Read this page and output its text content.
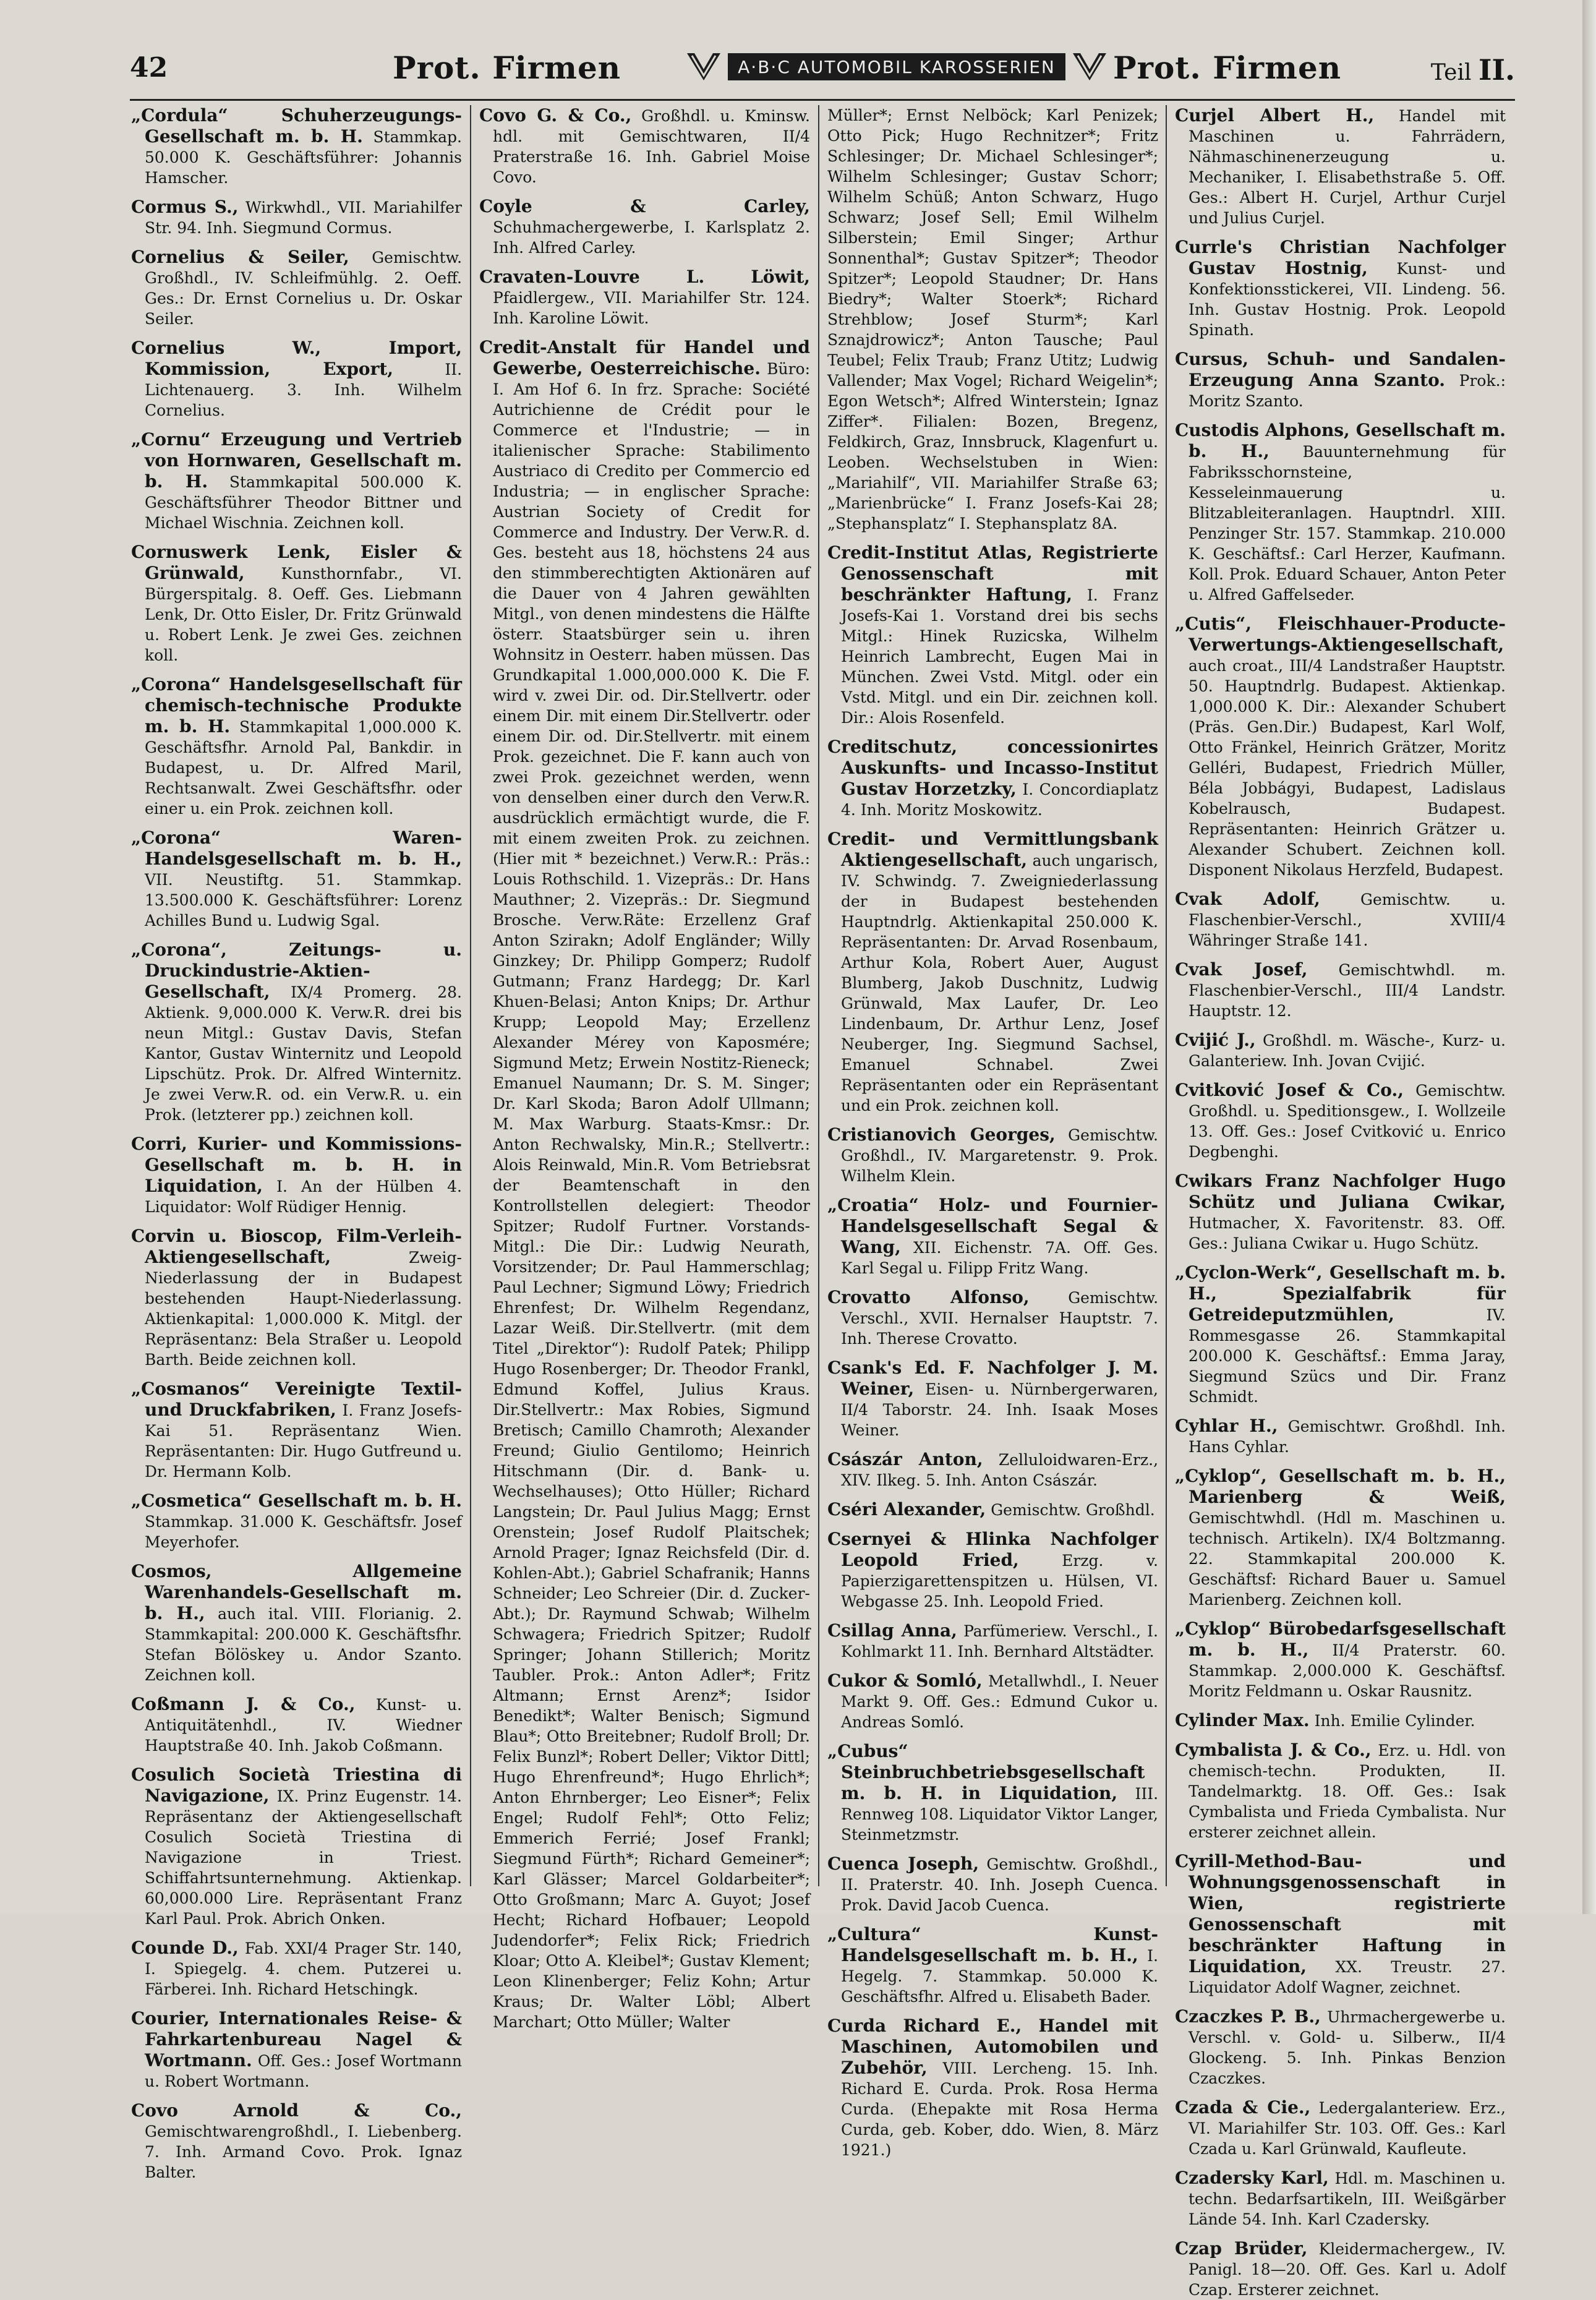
42	Prot. Firmen	A·B·C AUTOMOBIL KAROSSERIEN	Prot. Firmen	Teil II.

„Cordula“ Schuherzeugungs-Gesellschaft m. b. H. Stammkap. 50.000 K. Geschäftsführer: Johannis Hamscher.

Cormus S., Wirkwhdl., VII. Mariahilfer Str. 94. Inh. Siegmund Cormus.

Cornelius & Seiler, Gemischtw. Großhdl., IV. Schleifmühlg. 2. Oeff. Ges.: Dr. Ernst Cornelius u. Dr. Oskar Seiler.

Cornelius W., Import, Kommission, Export,	II. Lichtenauerg. 3. Inh. Wilhelm Cornelius.

„Cornu“ Erzeugung und Vertrieb von Hornwaren, Gesellschaft m. b. H. Stammkapital 500.000 K. Geschäftsführer Theodor Bittner und Michael Wischnia. Zeichnen koll.

Cornuswerk Lenk, Eisler & Grünwald, Kunsthornfabr., VI. Bürgerspitalg. 8. Oeff. Ges. Liebmann Lenk, Dr. Otto Eisler, Dr. Fritz Grünwald u. Robert Lenk. Je zwei Ges. zeichnen koll.

„Corona“ Handelsgesellschaft für chemisch-technische Produkte m. b. H. Stammkapital 1,000.000 K. Geschäftsfhr. Arnold Pal, Bankdir. in Budapest, u. Dr. Alfred Maril, Rechtsanwalt. Zwei Geschäftsfhr. oder einer u. ein Prok. zeichnen koll.

„Corona“ Waren-Handelsgesellschaft m. b. H., VII. Neustiftg. 51. Stammkap. 13.500.000 K. Geschäftsführer: Lorenz Achilles Bund u. Ludwig Sgal.

„Corona“, Zeitungs- u. Druckindustrie-Aktien-Gesellschaft, IX/4 Promerg. 28. Aktienk. 9,000.000 K. Verw.R. drei bis neun Mitgl.: Gustav Davis, Stefan Kantor, Gustav Winternitz und Leopold Lipschütz. Prok. Dr. Alfred Winternitz. Je zwei Verw.R. od. ein Verw.R. u. ein Prok. (letzterer pp.) zeichnen koll.

Corri, Kurier- und Kommissions-Gesellschaft m. b. H. in Liquidation, I. An der Hülben 4. Liquidator: Wolf Rüdiger Hennig.

Corvin u. Bioscop, Film-Verleih-Aktiengesellschaft,	Zweig-Niederlassung der in Budapest bestehenden Haupt-Niederlassung. Aktienkapital: 1,000.000 K. Mitgl. der Repräsentanz: Bela Straßer u. Leopold Barth. Beide zeichnen koll.

„Cosmanos“ Vereinigte Textil- und Druckfabriken, I. Franz Josefs-Kai 51. Repräsentanz Wien. Repräsentanten: Dir. Hugo Gutfreund u. Dr. Hermann Kolb.

„Cosmetica“ Gesellschaft m. b. H. Stammkap. 31.000 K. Geschäftsfr. Josef Meyerhofer.

Cosmos, Allgemeine Warenhandels-Gesellschaft m. b. H., auch ital. VIII. Florianig. 2. Stammkapital: 200.000 K. Geschäftsfhr. Stefan Bölöskey u. Andor Szanto. Zeichnen koll.

Coßmann J. & Co., Kunst- u. Antiquitätenhdl., IV. Wiedner Hauptstraße 40. Inh. Jakob Coßmann.

Cosulich Società Triestina di Navigazione, IX. Prinz Eugenstr. 14. Repräsentanz der Aktiengesellschaft Cosulich Società Triestina di Navigazione in Triest. Schiffahrtsunternehmung. Aktienkap. 60,000.000 Lire. Repräsentant Franz Karl Paul. Prok. Abrich Onken.

Counde D., Fab. XXI/4 Prager Str. 140, I. Spiegelg. 4. chem. Putzerei u. Färberei. Inh. Richard Hetschingk.

Courier, Internationales Reise- & Fahrkartenbureau Nagel & Wortmann. Off. Ges.: Josef Wortmann u. Robert Wortmann.

Covo Arnold & Co., Gemischtwarengroßhdl., I. Liebenberg. 7. Inh. Armand Covo. Prok. Ignaz Balter.

Covo G. & Co., Großhdl. u. Kminsw. hdl. mit Gemischtwaren, II/4 Praterstraße 16. Inh. Gabriel Moise Covo.

Coyle & Carley, Schuhmachergewerbe, I. Karlsplatz 2. Inh. Alfred Carley.

Cravaten-Louvre L. Löwit, Pfaidlergew., VII. Mariahilfer Str. 124. Inh. Karoline Löwit.

Credit-Anstalt für Handel und Gewerbe, Oesterreichische. Büro: I. Am Hof 6. In frz. Sprache: Société Autrichienne de Crédit pour le Commerce et l'Industrie; — in italienischer Sprache: Stabilimento Austriaco di Credito per Commercio ed Industria; — in englischer Sprache: Austrian Society of Credit for Commerce and Industry. Der Verw.R. d. Ges. besteht aus 18, höchstens 24 aus den stimmberechtigten Aktionären auf die Dauer von 4 Jahren gewählten Mitgl., von denen mindestens die Hälfte österr. Staatsbürger sein u. ihren Wohnsitz in Oesterr. haben müssen. Das Grundkapital 1.000,000.000 K. Die F. wird v. zwei Dir. od. Dir.Stellvertr. oder einem Dir. mit einem Dir.Stellvertr. oder einem Dir. od. Dir.Stellvertr. mit einem Prok. gezeichnet. Die F. kann auch von zwei Prok. gezeichnet werden, wenn von denselben einer durch den Verw.R. ausdrücklich ermächtigt wurde, die F. mit einem zweiten Prok. zu zeichnen. (Hier mit * bezeichnet.) Verw.R.: Präs.: Louis Rothschild. 1. Vizepräs.: Dr. Hans Mauthner; 2. Vizepräs.: Dr. Siegmund Brosche. Verw.Räte: Erzellenz Graf Anton Szirakn; Adolf Engländer; Willy Ginzkey; Dr. Philipp Gomperz; Rudolf Gutmann; Franz Hardegg; Dr. Karl Khuen-Belasi; Anton Knips; Dr. Arthur Krupp; Leopold May; Erzellenz Alexander Mérey von Kaposmére; Sigmund Metz; Erwein Nostitz-Rieneck; Emanuel Naumann; Dr. S. M. Singer; Dr. Karl Skoda; Baron Adolf Ullmann; M. Max Warburg. Staats-Kmsr.: Dr. Anton Rechwalsky, Min.R.; Stellvertr.: Alois Reinwald, Min.R. Vom Betriebsrat der Beamtenschaft in den Kontrollstellen delegiert: Theodor Spitzer; Rudolf Furtner. Vorstands-Mitgl.: Die Dir.: Ludwig Neurath, Vorsitzender; Dr. Paul Hammerschlag; Paul Lechner; Sigmund Löwy; Friedrich Ehrenfest; Dr. Wilhelm Regendanz, Lazar Weiß. Dir.Stellvertr. (mit dem Titel „Direktor“): Rudolf Patek; Philipp Hugo Rosenberger; Dr. Theodor Frankl, Edmund Koffel, Julius Kraus. Dir.Stellvertr.: Max Robies, Sigmund Bretisch; Camillo Chamroth; Alexander Freund; Giulio Gentilomo; Heinrich Hitschmann (Dir. d. Bank- u. Wechselhauses); Otto Hüller; Richard Langstein; Dr. Paul Julius Magg; Ernst Orenstein; Josef Rudolf Plaitschek; Arnold Prager; Ignaz Reichsfeld (Dir. d. Kohlen-Abt.); Gabriel Schafranik; Hanns Schneider; Leo Schreier (Dir. d. Zucker-Abt.); Dr. Raymund Schwab; Wilhelm Schwagera; Friedrich Spitzer; Rudolf Springer; Johann Stillerich; Moritz Taubler. Prok.: Anton Adler*; Fritz Altmann; Ernst Arenz*; Isidor Benedikt*; Walter Benisch; Sigmund Blau*; Otto Breitebner; Rudolf Broll; Dr. Felix Bunzl*; Robert Deller; Viktor Dittl; Hugo Ehrenfreund*; Hugo Ehrlich*; Anton Ehrnberger; Leo Eisner*; Felix Engel; Rudolf Fehl*; Otto Feliz; Emmerich Ferrié; Josef Frankl; Siegmund Fürth*; Richard Gemeiner*; Karl Glässer; Marcel Goldarbeiter*; Otto Großmann; Marc A. Guyot; Josef Hecht; Richard Hofbauer; Leopold Judendorfer*; Felix Rick; Friedrich Kloar; Otto A. Kleibel*; Gustav Klement; Leon Klinenberger; Feliz Kohn; Artur Kraus; Dr. Walter Löbl; Albert Marchart; Otto Müller; Walter

Müller*; Ernst Nelböck; Karl Penizek; Otto Pick; Hugo Rechnitzer*; Fritz Schlesinger; Dr. Michael Schlesinger*; Wilhelm Schlesinger; Gustav Schorr; Wilhelm Schüß; Anton Schwarz, Hugo Schwarz; Josef Sell; Emil Wilhelm Silberstein; Emil Singer; Arthur Sonnenthal*; Gustav Spitzer*; Theodor Spitzer*; Leopold Staudner; Dr. Hans Biedry*; Walter Stoerk*; Richard Strehblow; Josef Sturm*; Karl Sznajdrowicz*; Anton Tausche; Paul Teubel; Felix Traub; Franz Utitz; Ludwig Vallender; Max Vogel; Richard Weigelin*; Egon Wetsch*; Alfred Winterstein; Ignaz Ziffer*. Filialen: Bozen, Bregenz, Feldkirch, Graz, Innsbruck, Klagenfurt u. Leoben. Wechselstuben in Wien: „Mariahilf“, VII. Mariahilfer Straße 63; „Marienbrücke“ I. Franz Josefs-Kai 28; „Stephansplatz“ I. Stephansplatz 8A.

Credit-Institut Atlas, Registrierte Genossenschaft mit beschränkter Haftung, I. Franz Josefs-Kai 1. Vorstand drei bis sechs Mitgl.: Hinek Ruzicska, Wilhelm Heinrich Lambrecht, Eugen Mai in München. Zwei Vstd. Mitgl. oder ein Vstd. Mitgl. und ein Dir. zeichnen koll. Dir.: Alois Rosenfeld.

Creditschutz, concessionirtes Auskunfts- und Incasso-Institut Gustav Horzetzky, I. Concordiaplatz 4. Inh. Moritz Moskowitz.

Credit- und Vermittlungsbank Aktiengesellschaft, auch ungarisch, IV. Schwindg. 7. Zweigniederlassung der in Budapest bestehenden Hauptndrlg. Aktienkapital 250.000 K. Repräsentanten: Dr. Arvad Rosenbaum, Arthur Kola, Robert Auer, August Blumberg, Jakob Duschnitz, Ludwig Grünwald, Max Laufer, Dr. Leo Lindenbaum, Dr. Arthur Lenz, Josef Neuberger, Ing. Siegmund Sachsel, Emanuel Schnabel. Zwei Repräsentanten oder ein Repräsentant und ein Prok. zeichnen koll.

Cristianovich Georges, Gemischtw. Großhdl., IV. Margaretenstr. 9. Prok. Wilhelm Klein.

„Croatia“ Holz- und Fournier-Handelsgesellschaft Segal & Wang, XII. Eichenstr. 7A. Off. Ges. Karl Segal u. Filipp Fritz Wang.

Crovatto Alfonso,	Gemischtw. Verschl., XVII. Hernalser Hauptstr. 7. Inh. Therese Crovatto.

Csank's Ed. F. Nachfolger J. M. Weiner, Eisen- u. Nürnbergerwaren, II/4 Taborstr. 24. Inh. Isaak Moses Weiner.

Császár Anton, Zelluloidwaren-Erz., XIV. Ilkeg. 5. Inh. Anton Császár.

Cséri Alexander, Gemischtw. Großhdl.

Csernyei & Hlinka Nachfolger Leopold Fried,	Erzg. v. Papierzigarettenspitzen u. Hülsen, VI. Webgasse 25. Inh. Leopold Fried.

Csillag Anna, Parfümeriew. Verschl., I. Kohlmarkt 11. Inh. Bernhard Altstädter.

Cukor & Somló, Metallwhdl., I. Neuer Markt 9. Off. Ges.: Edmund Cukor u. Andreas Somló.

„Cubus“ Steinbruchbetriebsgesellschaft m. b. H. in Liquidation, III. Rennweg 108. Liquidator Viktor Langer, Steinmetzmstr.

Cuenca Joseph, Gemischtw. Großhdl., II. Praterstr. 40. Inh. Joseph Cuenca. Prok. David Jacob Cuenca.

„Cultura“ Kunst-Handelsgesellschaft m. b. H., I. Hegelg. 7. Stammkap. 50.000 K. Geschäftsfhr. Alfred u. Elisabeth Bader.

Curda Richard E., Handel mit Maschinen, Automobilen und Zubehör, VIII. Lercheng. 15. Inh. Richard E. Curda. Prok. Rosa Herma Curda. (Ehepakte mit Rosa Herma Curda, geb. Kober, ddo. Wien, 8. März 1921.)

Curjel Albert H., Handel mit Maschinen u. Fahrrädern, Nähmaschinenerzeugung u. Mechaniker, I. Elisabethstraße 5. Off. Ges.: Albert H. Curjel, Arthur Curjel und Julius Curjel.

Currle's Christian Nachfolger Gustav Hostnig, Kunst- und Konfektionsstickerei, VII. Lindeng. 56. Inh. Gustav Hostnig. Prok. Leopold Spinath.

Cursus, Schuh- und Sandalen-Erzeugung Anna Szanto. Prok.: Moritz Szanto.

Custodis Alphons, Gesellschaft m. b. H., Bauunternehmung für Fabriksschornsteine, Kesseleinmauerung u. Blitzableiteranlagen. Hauptndrl. XIII. Penzinger Str. 157. Stammkap. 210.000 K. Geschäftsf.: Carl Herzer, Kaufmann. Koll. Prok. Eduard Schauer, Anton Peter u. Alfred Gaffelseder.

„Cutis“, Fleischhauer-Producte-Verwertungs-Aktiengesellschaft, auch croat., III/4 Landstraßer Hauptstr. 50. Hauptndrlg. Budapest. Aktienkap. 1,000.000 K. Dir.: Alexander Schubert (Präs. Gen.Dir.) Budapest, Karl Wolf, Otto Fränkel, Heinrich Grätzer, Moritz Gelléri, Budapest, Friedrich Müller, Béla Jobbágyi, Budapest, Ladislaus Kobelrausch, Budapest. Repräsentanten: Heinrich Grätzer u. Alexander Schubert. Zeichnen koll. Disponent Nikolaus Herzfeld, Budapest.

Cvak Adolf,	Gemischtw. u. Flaschenbier-Verschl., XVIII/4 Währinger Straße 141.

Cvak Josef, Gemischtwhdl. m. Flaschenbier-Verschl., III/4 Landstr. Hauptstr. 12.

Cvijić J., Großhdl. m. Wäsche-, Kurz- u. Galanteriew. Inh. Jovan Cvijić.

Cvitković Josef & Co., Gemischtw. Großhdl. u. Speditionsgew., I. Wollzeile 13. Off. Ges.: Josef Cvitković u. Enrico Degbenghi.

Cwikars Franz Nachfolger Hugo Schütz und Juliana Cwikar, Hutmacher, X. Favoritenstr. 83. Off. Ges.: Juliana Cwikar u. Hugo Schütz.

„Cyclon-Werk“, Gesellschaft m. b. H., Spezialfabrik für Getreideputzmühlen,	IV. Rommesgasse 26. Stammkapital 200.000 K. Geschäftsf.: Emma Jaray, Siegmund Szücs und Dir. Franz Schmidt.

Cyhlar H., Gemischtwr. Großhdl. Inh. Hans Cyhlar.

„Cyklop“, Gesellschaft m. b. H., Marienberg & Weiß, Gemischtwhdl. (Hdl m. Maschinen u. technisch. Artikeln). IX/4 Boltzmanng. 22. Stammkapital 200.000 K. Geschäftsf: Richard Bauer u. Samuel Marienberg. Zeichnen koll.

„Cyklop“ Bürobedarfsgesellschaft m. b. H., II/4 Praterstr. 60. Stammkap. 2,000.000 K. Geschäftsf. Moritz Feldmann u. Oskar Rausnitz.

Cylinder Max. Inh. Emilie Cylinder.

Cymbalista J. & Co., Erz. u. Hdl. von chemisch-techn. Produkten, II. Tandelmarktg. 18. Off. Ges.: Isak Cymbalista und Frieda Cymbalista. Nur ersterer zeichnet allein.

Cyrill-Method-Bau- und Wohnungsgenossenschaft in Wien, registrierte Genossenschaft mit beschränkter Haftung in Liquidation, XX. Treustr. 27. Liquidator Adolf Wagner, zeichnet.

Czaczkes P. B., Uhrmachergewerbe u. Verschl. v. Gold- u. Silberw., II/4 Glockeng. 5. Inh. Pinkas Benzion Czaczkes.

Czada & Cie., Ledergalanteriew. Erz., VI. Mariahilfer Str. 103. Off. Ges.: Karl Czada u. Karl Grünwald, Kaufleute.

Czadersky Karl, Hdl. m. Maschinen u. techn. Bedarfsartikeln, III. Weißgärber Lände 54. Inh. Karl Czadersky.

Czap Brüder, Kleidermachergew., IV. Panigl. 18—20. Off. Ges. Karl u. Adolf Czap. Ersterer zeichnet.
